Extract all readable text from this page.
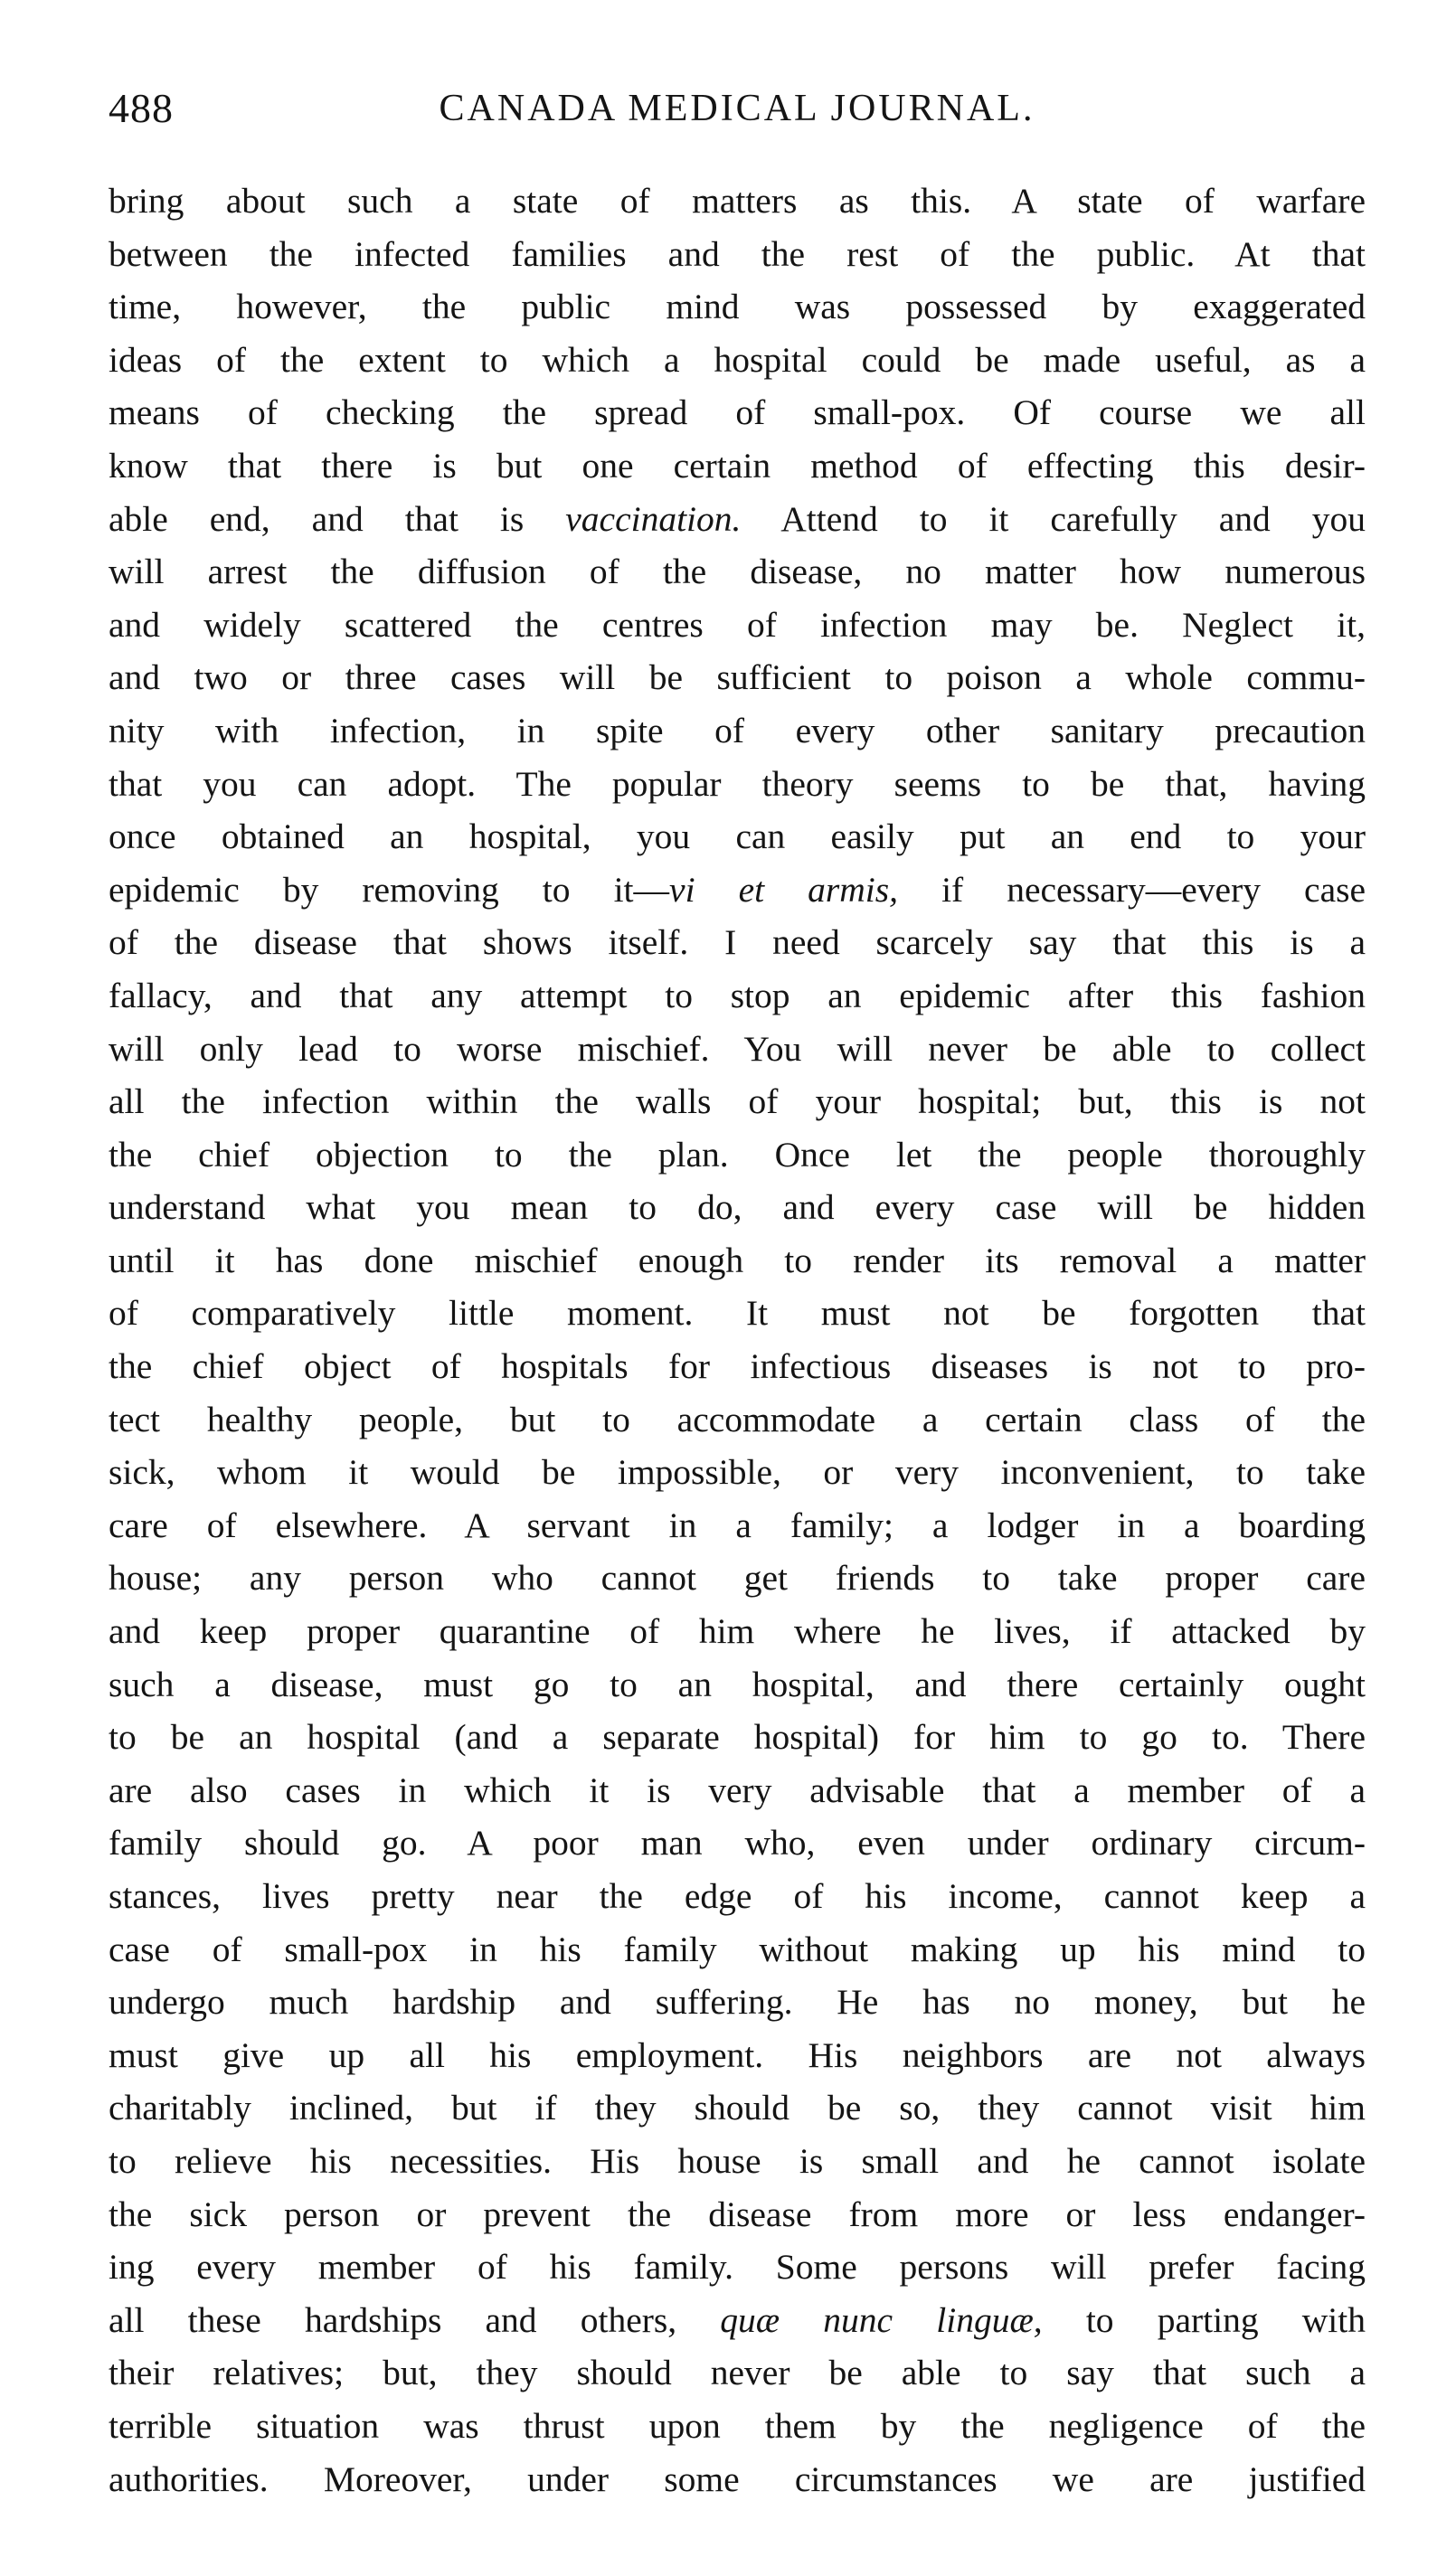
488	CANADA MEDICAL JOURNAL.
bring about such a state of matters as this. A state of warfare
between the infected families and the rest of the public. At that
time, however, the public mind was possessed by exaggerated
ideas of the extent to which a hospital could be made useful, as a
means of checking the spread of small-pox. Of course we all
know that there is but one certain method of effecting this desir-
able end, and that is vaccination. Attend to it carefully and you
will arrest the diffusion of the disease, no matter how numerous
and widely scattered the centres of infection may be. Neglect it,
and two or three cases will be sufficient to poison a whole commu-
nity with infection, in spite of every other sanitary precaution
that you can adopt. The popular theory seems to be that, having
once obtained an hospital, you can easily put an end to your
epidemic by removing to it—vi et armis, if necessary—every case
of the disease that shows itself. I need scarcely say that this is a
fallacy, and that any attempt to stop an epidemic after this fashion
will only lead to worse mischief. You will never be able to collect
all the infection within the walls of your hospital; but, this is not
the chief objection to the plan. Once let the people thoroughly
understand what you mean to do, and every case will be hidden
until it has done mischief enough to render its removal a matter
of comparatively little moment. It must not be forgotten that
the chief object of hospitals for infectious diseases is not to pro-
tect healthy people, but to accommodate a certain class of the
sick, whom it would be impossible, or very inconvenient, to take
care of elsewhere. A servant in a family; a lodger in a boarding
house; any person who cannot get friends to take proper care
and keep proper quarantine of him where he lives, if attacked by
such a disease, must go to an hospital, and there certainly ought
to be an hospital (and a separate hospital) for him to go to. There
are also cases in which it is very advisable that a member of a
family should go. A poor man who, even under ordinary circum-
stances, lives pretty near the edge of his income, cannot keep a
case of small-pox in his family without making up his mind to
undergo much hardship and suffering. He has no money, but he
must give up all his employment. His neighbors are not always
charitably inclined, but if they should be so, they cannot visit him
to relieve his necessities. His house is small and he cannot isolate
the sick person or prevent the disease from more or less endanger-
ing every member of his family. Some persons will prefer facing
all these hardships and others, quæ nunc linguæ, to parting with
their relatives; but, they should never be able to say that such a
terrible situation was thrust upon them by the negligence of the
authorities. Moreover, under some circumstances we are justified
